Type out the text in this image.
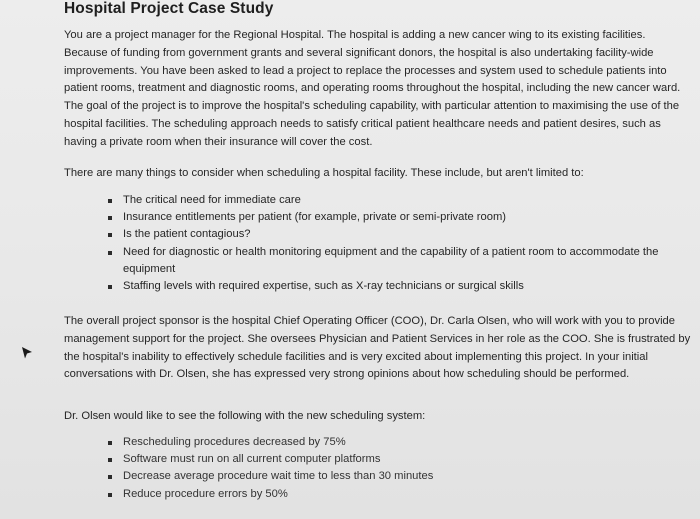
Hospital Project Case Study

You are a project manager for the Regional Hospital. The hospital is adding a new cancer wing to its existing facilities. Because of funding from government grants and several significant donors, the hospital is also undertaking facility-wide improvements. You have been asked to lead a project to replace the processes and system used to schedule patients into patient rooms, treatment and diagnostic rooms, and operating rooms throughout the hospital, including the new cancer ward. The goal of the project is to improve the hospital's scheduling capability, with particular attention to maximising the use of the hospital facilities. The scheduling approach needs to satisfy critical patient healthcare needs and patient desires, such as having a private room when their insurance will cover the cost.

There are many things to consider when scheduling a hospital facility. These include, but aren't limited to:

The critical need for immediate care
Insurance entitlements per patient (for example, private or semi-private room)
Is the patient contagious?
Need for diagnostic or health monitoring equipment and the capability of a patient room to accommodate the equipment
Staffing levels with required expertise, such as X-ray technicians or surgical skills

The overall project sponsor is the hospital Chief Operating Officer (COO), Dr. Carla Olsen, who will work with you to provide management support for the project. She oversees Physician and Patient Services in her role as the COO. She is frustrated by the hospital's inability to effectively schedule facilities and is very excited about implementing this project. In your initial conversations with Dr. Olsen, she has expressed very strong opinions about how scheduling should be performed.

Dr. Olsen would like to see the following with the new scheduling system:

Rescheduling procedures decreased by 75%
Software must run on all current computer platforms
Decrease average procedure wait time to less than 30 minutes
Reduce procedure errors by 50%
